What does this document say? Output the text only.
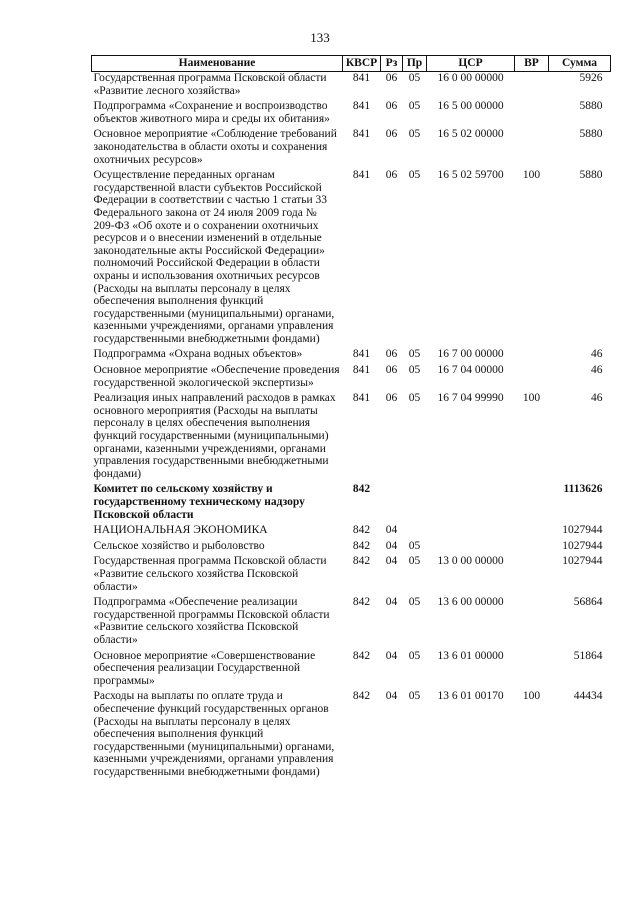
133
Наименование	КВСР	Рз	Пр	ЦСР	ВР	Сумма
Государственная программа Псковской области «Развитие лесного хозяйства»	841	06	05	16 0 00 00000		5926
Подпрограмма «Сохранение и воспроизводство объектов животного мира и среды их обитания»	841	06	05	16 5 00 00000		5880
Основное мероприятие «Соблюдение требований законодательства в области охоты и сохранения охотничьих ресурсов»	841	06	05	16 5 02 00000		5880
Осуществление переданных органам государственной власти субъектов Российской Федерации в соответствии с частью 1 статьи 33 Федерального закона от 24 июля 2009 года № 209-ФЗ «Об охоте и о сохранении охотничьих ресурсов и о внесении изменений в отдельные законодательные акты Российской Федерации» полномочий Российской Федерации в области охраны и использования охотничьих ресурсов (Расходы на выплаты персоналу в целях обеспечения выполнения функций государственными (муниципальными) органами, казенными учреждениями, органами управления государственными внебюджетными фондами)	841	06	05	16 5 02 59700	100	5880
Подпрограмма «Охрана водных объектов»	841	06	05	16 7 00 00000		46
Основное мероприятие «Обеспечение проведения государственной экологической экспертизы»	841	06	05	16 7 04 00000		46
Реализация иных направлений расходов в рамках основного мероприятия (Расходы на выплаты персоналу в целях обеспечения выполнения функций государственными (муниципальными) органами, казенными учреждениями, органами управления государственными внебюджетными фондами)	841	06	05	16 7 04 99990	100	46
Комитет по сельскому хозяйству и государственному техническому надзору Псковской области	842					1113626
НАЦИОНАЛЬНАЯ ЭКОНОМИКА	842	04				1027944
Сельское хозяйство и рыболовство	842	04	05			1027944
Государственная программа Псковской области «Развитие сельского хозяйства Псковской области»	842	04	05	13 0 00 00000		1027944
Подпрограмма «Обеспечение реализации государственной программы Псковской области «Развитие сельского хозяйства Псковской области»	842	04	05	13 6 00 00000		56864
Основное мероприятие «Совершенствование обеспечения реализации Государственной программы»	842	04	05	13 6 01 00000		51864
Расходы на выплаты по оплате труда и обеспечение функций государственных органов (Расходы на выплаты персоналу в целях обеспечения выполнения функций государственными (муниципальными) органами, казенными учреждениями, органами управления государственными внебюджетными фондами)	842	04	05	13 6 01 00170	100	44434
